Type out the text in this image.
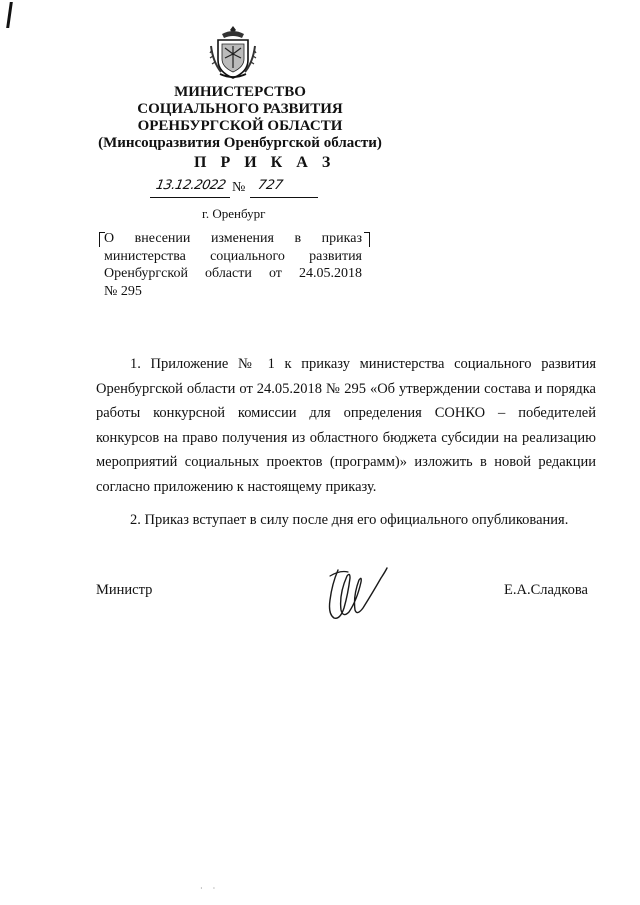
МИНИСТЕРСТВО
СОЦИАЛЬНОГО РАЗВИТИЯ
ОРЕНБУРГСКОЙ ОБЛАСТИ
(Минсоцразвития Оренбургской области)
П Р И К А З
13.12.2022 № 727
г. Оренбург
О внесении изменения в приказ
министерства социального развития
Оренбургской области от 24.05.2018
№ 295
1. Приложение № 1 к приказу министерства социального развития Оренбургской области от 24.05.2018 № 295 «Об утверждении состава и порядка работы конкурсной комиссии для определения СОНКО – победителей конкурсов на право получения из областного бюджета субсидии на реализацию мероприятий социальных проектов (программ)» изложить в новой редакции согласно приложению к настоящему приказу.
2. Приказ вступает в силу после дня его официального опубликования.
Министр	Е.А.Сладкова
· ·
